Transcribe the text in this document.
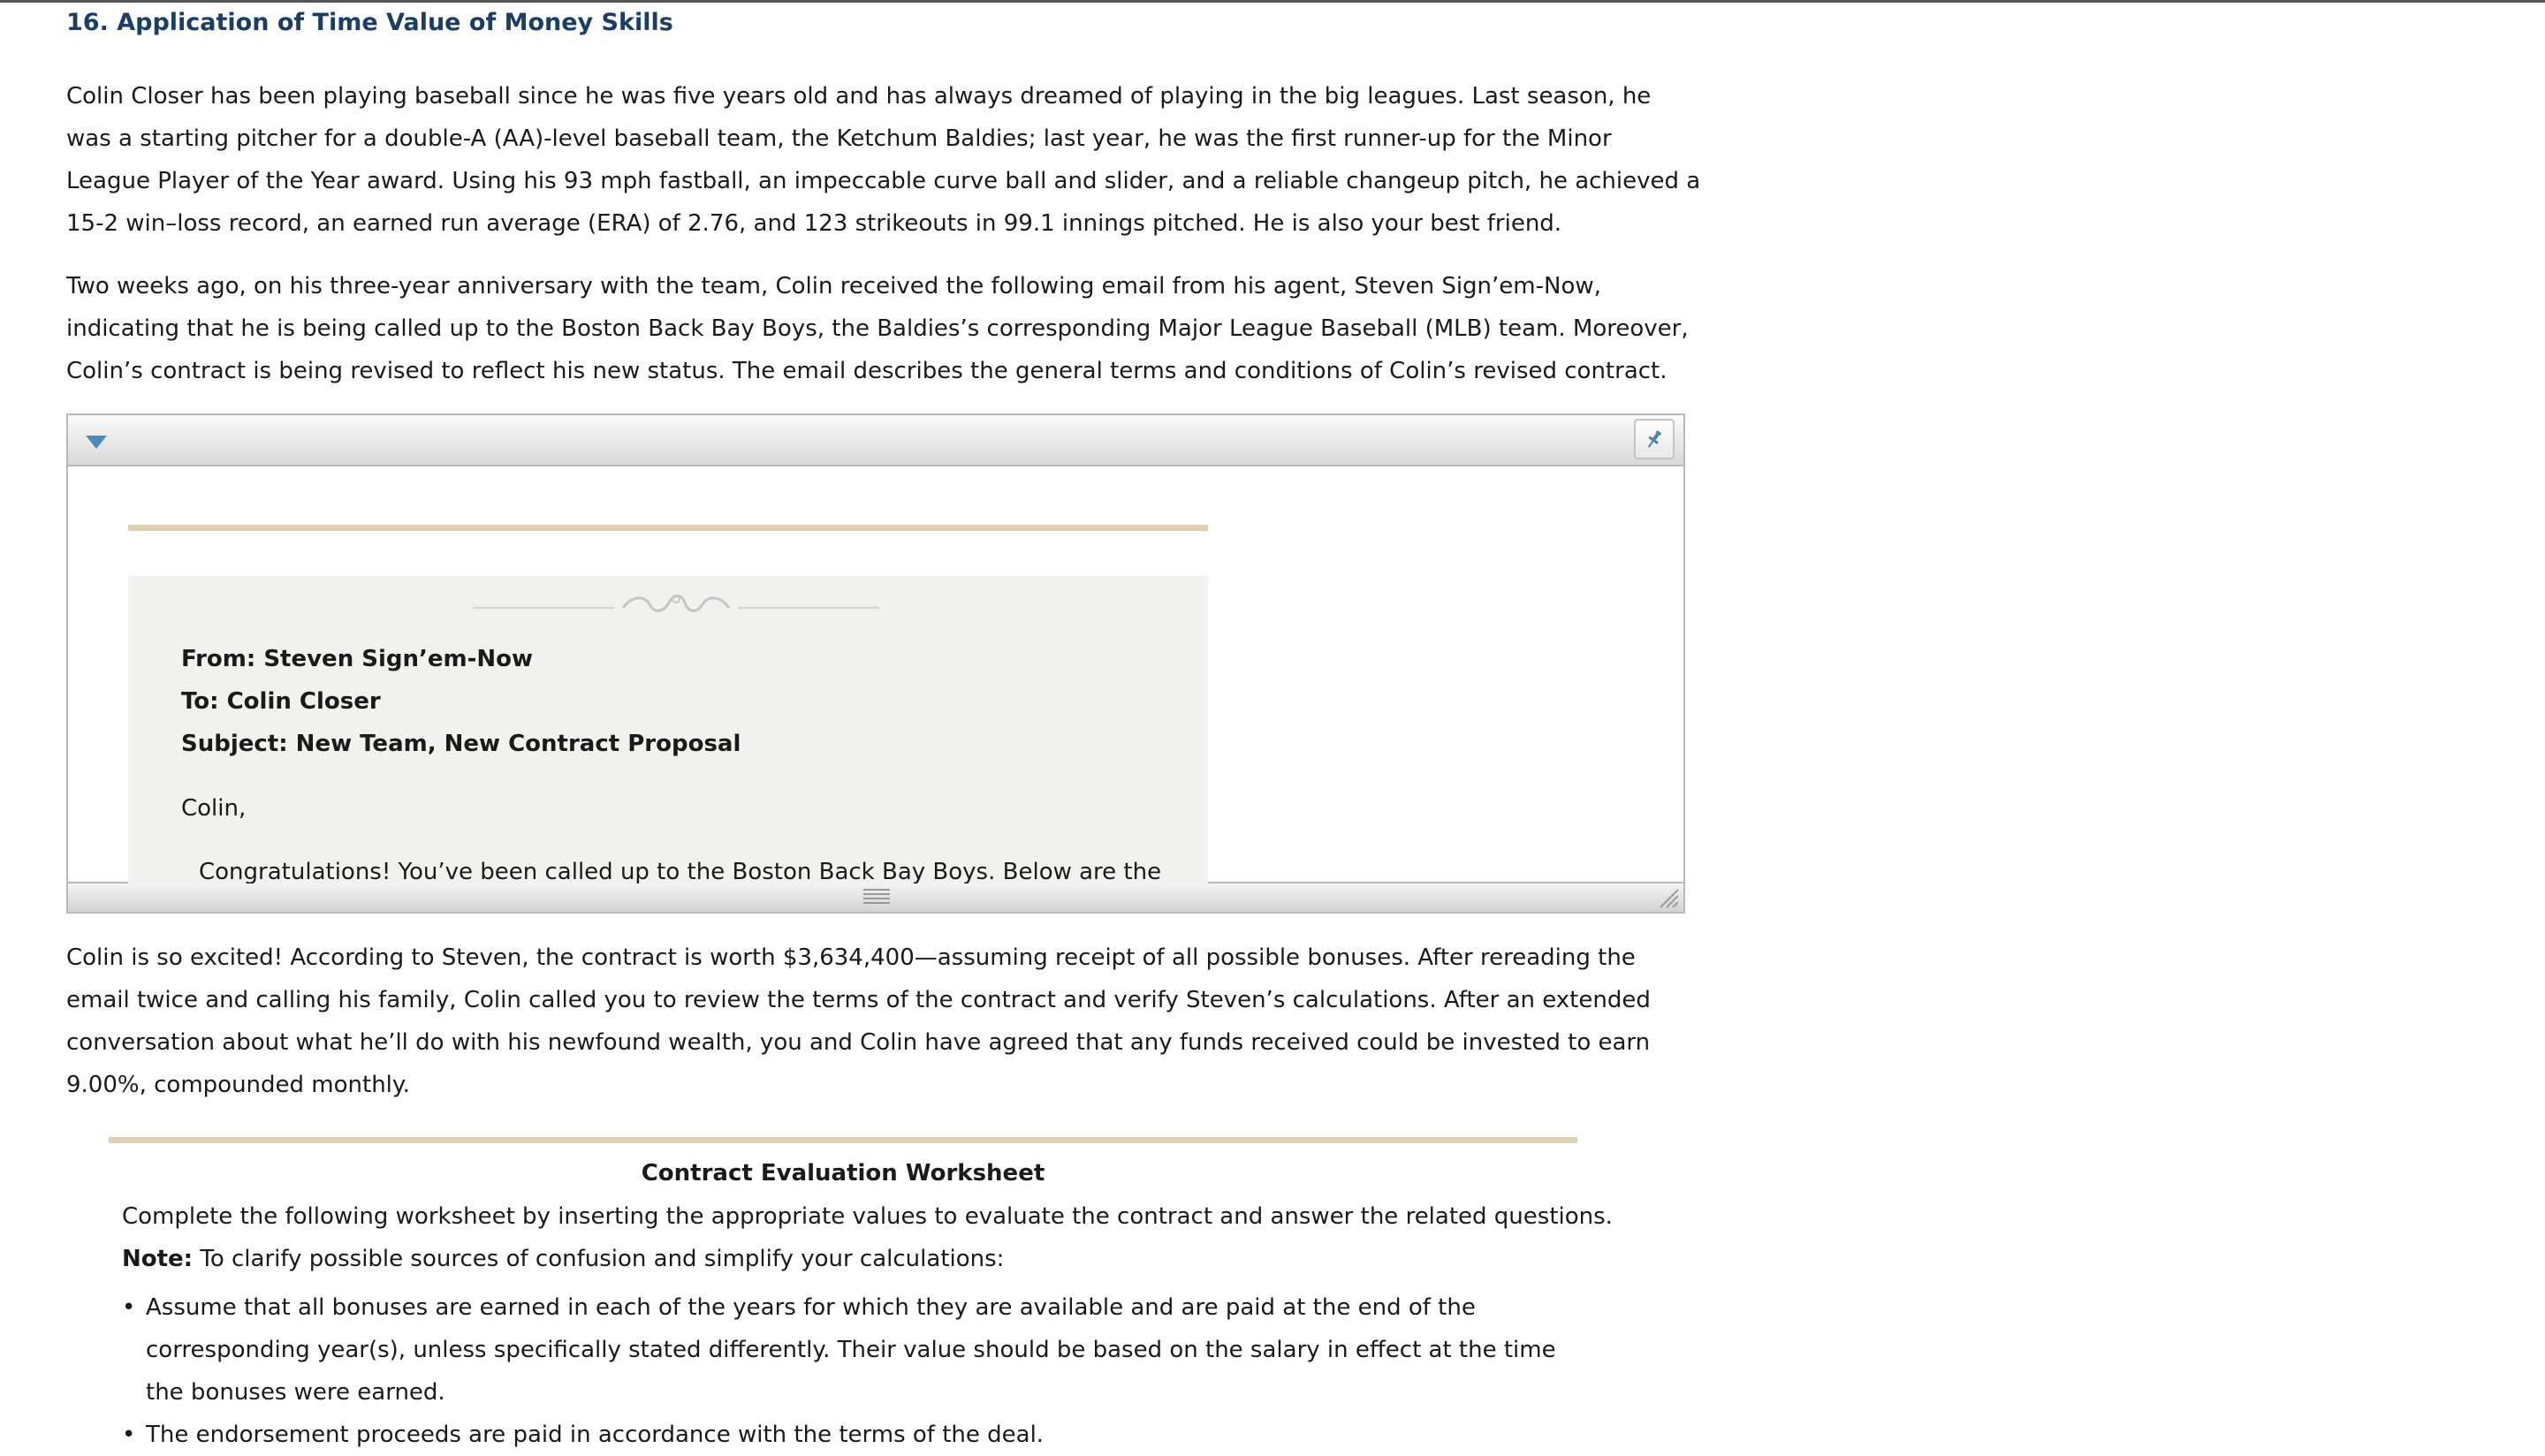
16. Application of Time Value of Money Skills

Colin Closer has been playing baseball since he was five years old and has always dreamed of playing in the big leagues. Last season, he was a starting pitcher for a double-A (AA)-level baseball team, the Ketchum Baldies; last year, he was the first runner-up for the Minor League Player of the Year award. Using his 93 mph fastball, an impeccable curve ball and slider, and a reliable changeup pitch, he achieved a 15-2 win–loss record, an earned run average (ERA) of 2.76, and 123 strikeouts in 99.1 innings pitched. He is also your best friend.

Two weeks ago, on his three-year anniversary with the team, Colin received the following email from his agent, Steven Sign’em-Now, indicating that he is being called up to the Boston Back Bay Boys, the Baldies’s corresponding Major League Baseball (MLB) team. Moreover, Colin’s contract is being revised to reflect his new status. The email describes the general terms and conditions of Colin’s revised contract.

From: Steven Sign’em-Now
To: Colin Closer
Subject: New Team, New Contract Proposal
Colin,
Congratulations! You’ve been called up to the Boston Back Bay Boys. Below are the

Colin is so excited! According to Steven, the contract is worth $3,634,400—assuming receipt of all possible bonuses. After rereading the email twice and calling his family, Colin called you to review the terms of the contract and verify Steven’s calculations. After an extended conversation about what he’ll do with his newfound wealth, you and Colin have agreed that any funds received could be invested to earn 9.00%, compounded monthly.

Contract Evaluation Worksheet
Complete the following worksheet by inserting the appropriate values to evaluate the contract and answer the related questions.
Note: To clarify possible sources of confusion and simplify your calculations:
• Assume that all bonuses are earned in each of the years for which they are available and are paid at the end of the corresponding year(s), unless specifically stated differently. Their value should be based on the salary in effect at the time the bonuses were earned.
• The endorsement proceeds are paid in accordance with the terms of the deal.
